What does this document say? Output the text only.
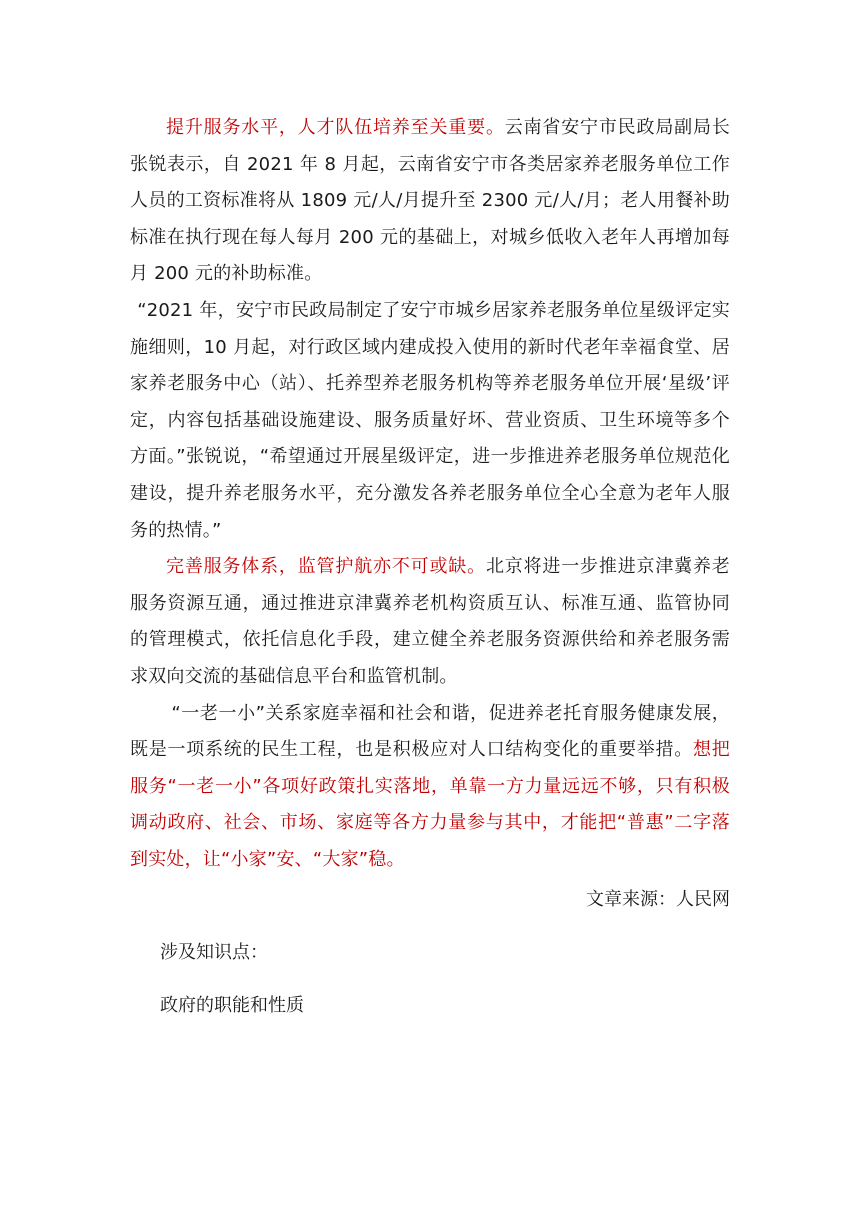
提升服务水平，人才队伍培养至关重要。云南省安宁市民政局副局长张锐表示，自 2021 年 8 月起，云南省安宁市各类居家养老服务单位工作人员的工资标准将从 1809 元/人/月提升至 2300 元/人/月；老人用餐补助标准在执行现在每人每月 200 元的基础上，对城乡低收入老年人再增加每月 200 元的补助标准。

“2021 年，安宁市民政局制定了安宁市城乡居家养老服务单位星级评定实施细则，10 月起，对行政区域内建成投入使用的新时代老年幸福食堂、居家养老服务中心（站）、托养型养老服务机构等养老服务单位开展‘星级’评定，内容包括基础设施建设、服务质量好坏、营业资质、卫生环境等多个方面。”张锐说，“希望通过开展星级评定，进一步推进养老服务单位规范化建设，提升养老服务水平，充分激发各养老服务单位全心全意为老年人服务的热情。”

完善服务体系，监管护航亦不可或缺。北京将进一步推进京津冀养老服务资源互通，通过推进京津冀养老机构资质互认、标准互通、监管协同的管理模式，依托信息化手段，建立健全养老服务资源供给和养老服务需求双向交流的基础信息平台和监管机制。

“一老一小”关系家庭幸福和社会和谐，促进养老托育服务健康发展，既是一项系统的民生工程，也是积极应对人口结构变化的重要举措。想把服务“一老一小”各项好政策扎实落地，单靠一方力量远远不够，只有积极调动政府、社会、市场、家庭等各方力量参与其中，才能把“普惠”二字落到实处，让“小家”安、“大家”稳。

文章来源：人民网

涉及知识点：

政府的职能和性质
